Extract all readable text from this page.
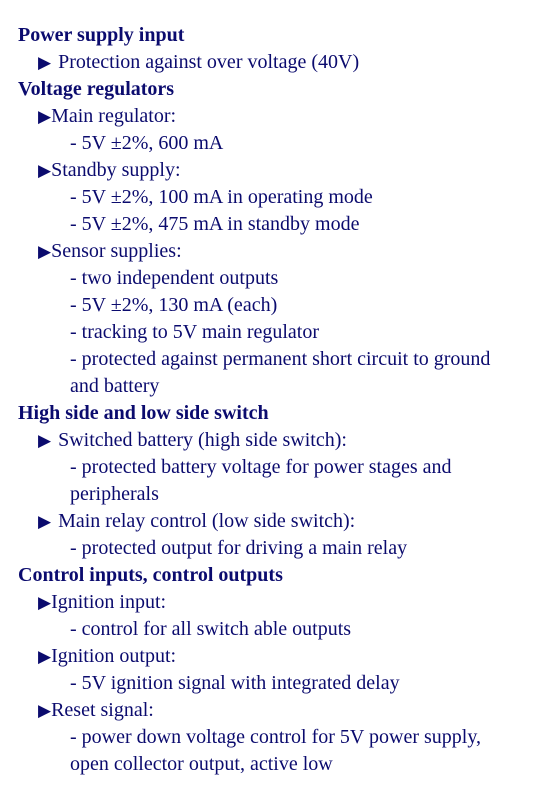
Power supply input
▶ Protection against over voltage (40V)
Voltage regulators
▶Main regulator:
- 5V ±2%, 600 mA
▶Standby supply:
- 5V ±2%, 100 mA in operating mode
- 5V ±2%, 475 mA in standby mode
▶Sensor supplies:
- two independent outputs
- 5V ±2%, 130 mA (each)
- tracking to 5V main regulator
- protected against permanent short circuit to ground and battery
High side and low side switch
▶ Switched battery (high side switch):
- protected battery voltage for power stages and peripherals
▶ Main relay control (low side switch):
- protected output for driving a main relay
Control inputs, control outputs
▶Ignition input:
- control for all switch able outputs
▶Ignition output:
- 5V ignition signal with integrated delay
▶Reset signal:
- power down voltage control for 5V power supply, open collector output, active low
